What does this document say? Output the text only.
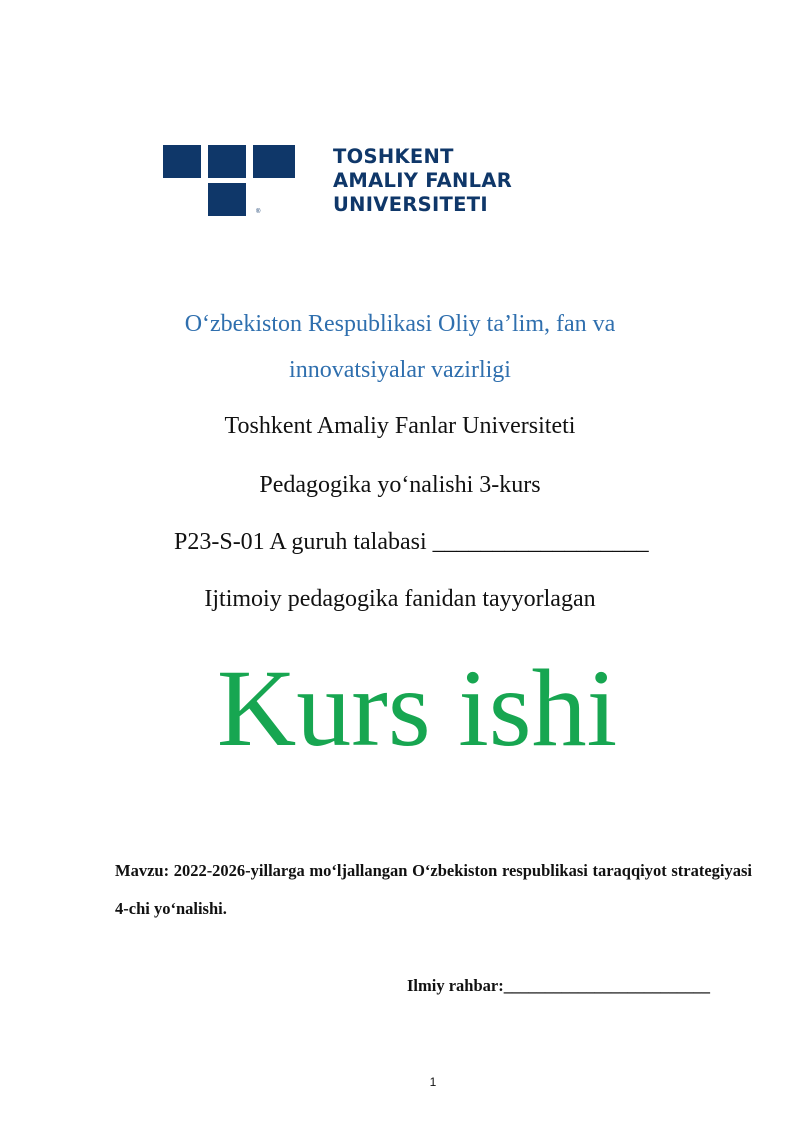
®
TOSHKENT
AMALIY FANLAR
UNIVERSITETI
O‘zbekiston Respublikasi Oliy ta’lim, fan va
innovatsiyalar vazirligi
Toshkent Amaliy Fanlar Universiteti
Pedagogika yo‘nalishi 3-kurs
P23-S-01 A guruh talabasi __________________
Ijtimoiy pedagogika fanidan tayyorlagan
Kurs ishi
Mavzu: 2022-2026-yillarga mo‘ljallangan O‘zbekiston respublikasi taraqqiyot strategiyasi 4-chi yo‘nalishi.
Ilmiy rahbar:_________________________
1
